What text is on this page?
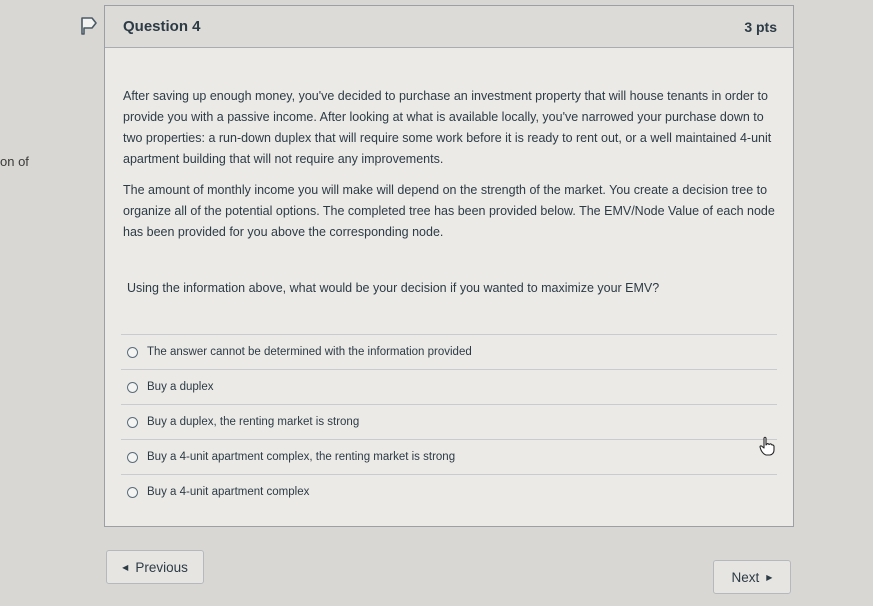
on of
Question 4	3 pts

After saving up enough money, you've decided to purchase an investment property that will house tenants in order to provide you with a passive income. After looking at what is available locally, you've narrowed your purchase down to two properties: a run-down duplex that will require some work before it is ready to rent out, or a well maintained 4-unit apartment building that will not require any improvements.

The amount of monthly income you will make will depend on the strength of the market. You create a decision tree to organize all of the potential options. The completed tree has been provided below. The EMV/Node Value of each node has been provided for you above the corresponding node.

Using the information above, what would be your decision if you wanted to maximize your EMV?
The answer cannot be determined with the information provided
Buy a duplex
Buy a duplex, the renting market is strong
Buy a 4-unit apartment complex, the renting market is strong
Buy a 4-unit apartment complex
◀ Previous
Next ▶
